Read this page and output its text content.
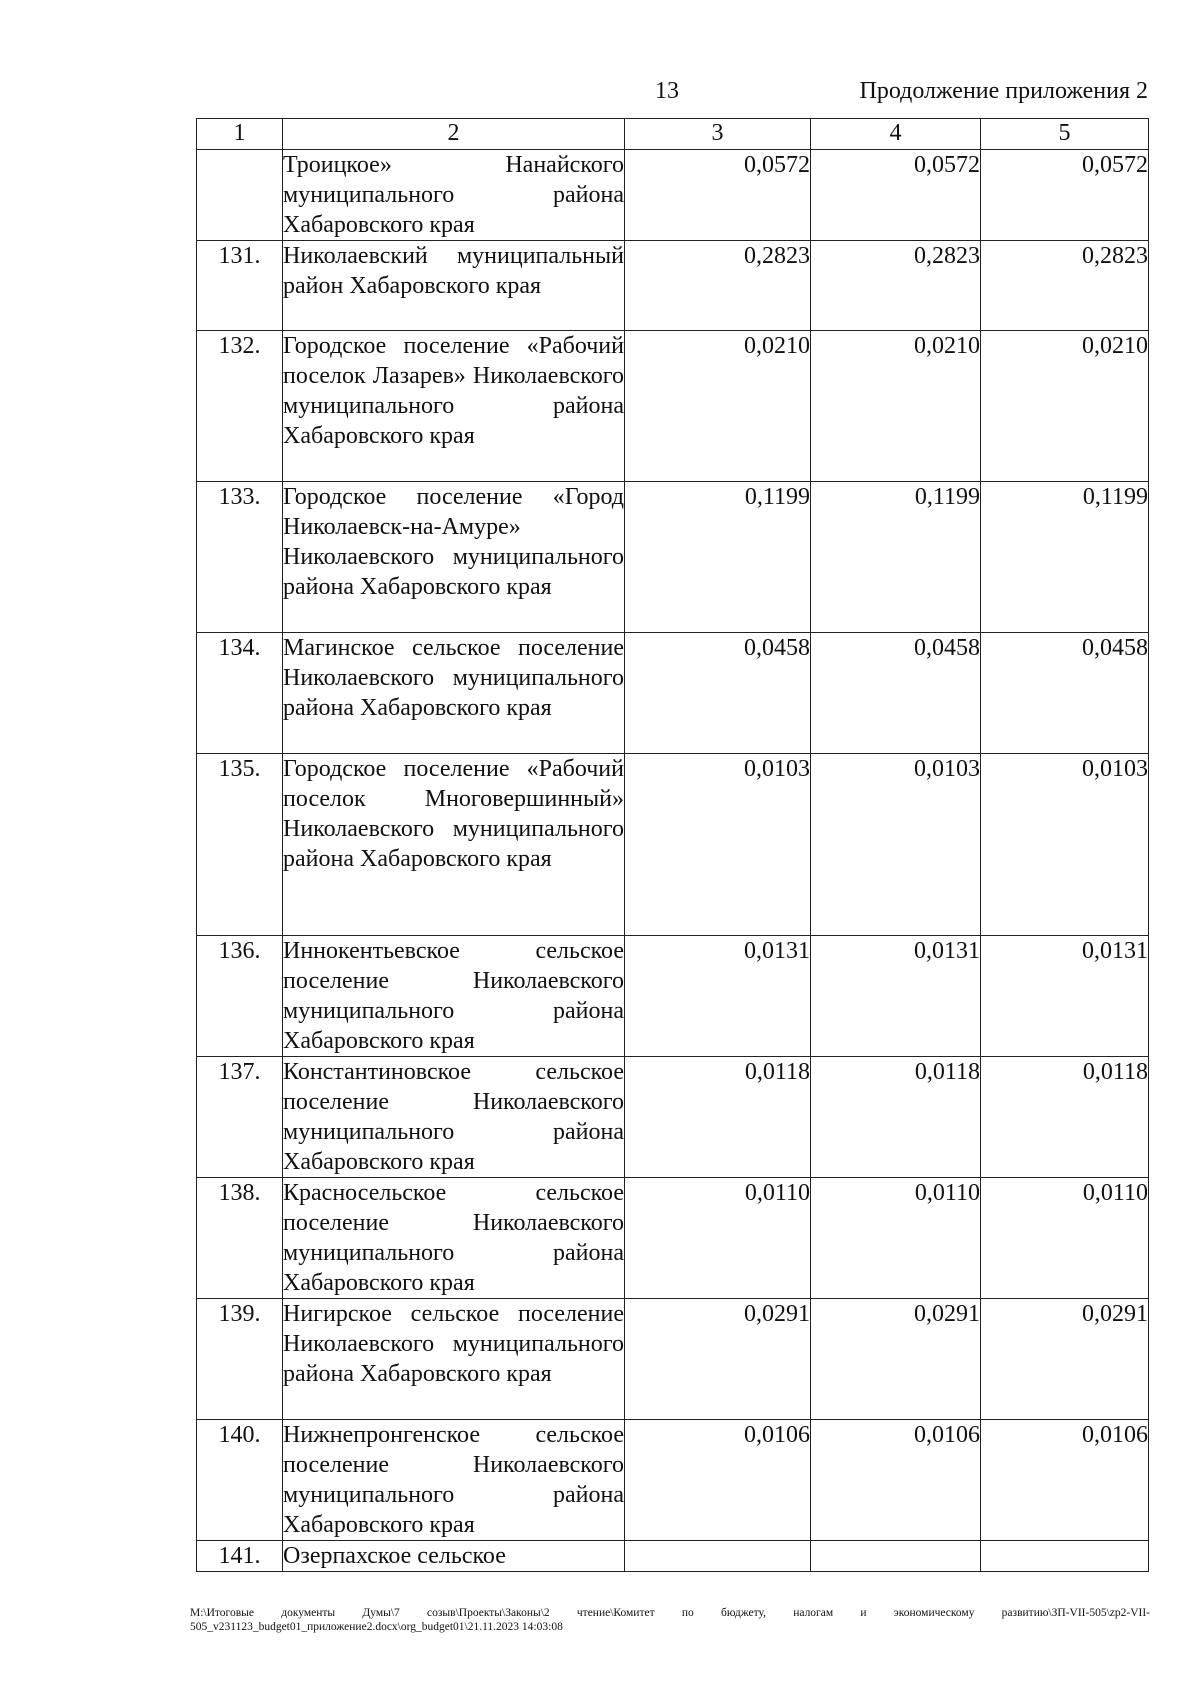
13	Продолжение приложения 2
1	2	3	4	5
	Троицкое» Нанайского муниципального района Хабаровского края	0,0572	0,0572	0,0572
131.	Николаевский муниципальный район Хабаровского края	0,2823	0,2823	0,2823
132.	Городское поселение «Рабочий поселок Лазарев» Николаевского муниципального района Хабаровского края	0,0210	0,0210	0,0210
133.	Городское поселение «Город Николаевск-на-Амуре» Николаевского муниципального района Хабаровского края	0,1199	0,1199	0,1199
134.	Магинское сельское поселение Николаевского муниципального района Хабаровского края	0,0458	0,0458	0,0458
135.	Городское поселение «Рабочий поселок Многовершинный» Николаевского муниципального района Хабаровского края	0,0103	0,0103	0,0103
136.	Иннокентьевское сельское поселение Николаевского муниципального района Хабаровского края	0,0131	0,0131	0,0131
137.	Константиновское сельское поселение Николаевского муниципального района Хабаровского края	0,0118	0,0118	0,0118
138.	Красносельское сельское поселение Николаевского муниципального района Хабаровского края	0,0110	0,0110	0,0110
139.	Нигирское сельское поселение Николаевского муниципального района Хабаровского края	0,0291	0,0291	0,0291
140.	Нижнепронгенское сельское поселение Николаевского муниципального района Хабаровского края	0,0106	0,0106	0,0106
141.	Озерпахское сельское			
M:\Итоговые документы Думы\7 созыв\Проекты\Законы\2 чтение\Комитет по бюджету, налогам и экономическому развитию\ЗП-VII-505\zp2-VII-505_v231123_budget01_приложение2.docx\org_budget01\21.11.2023 14:03:08
